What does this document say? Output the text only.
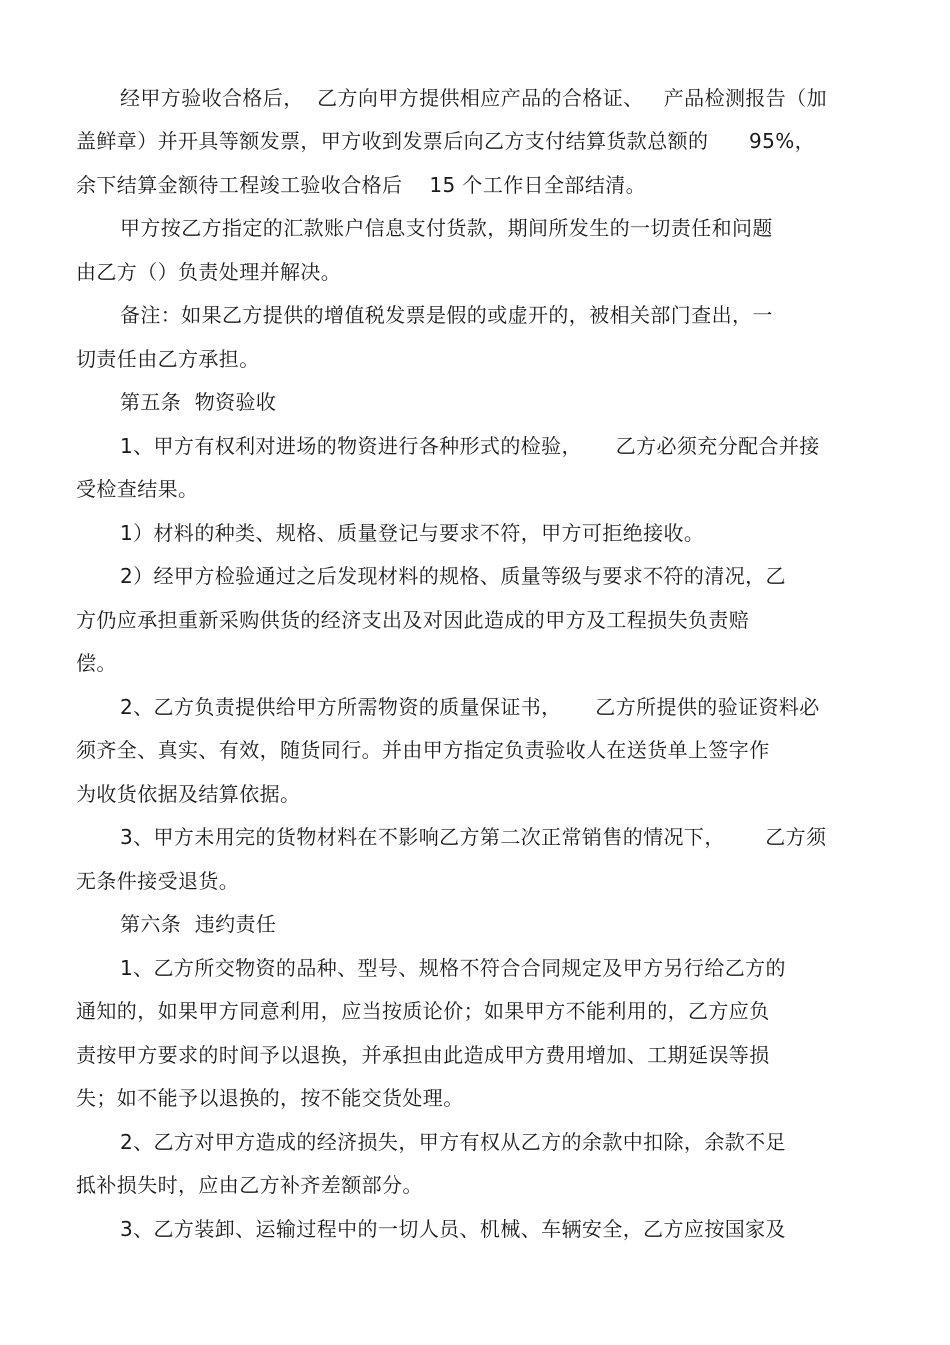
经甲方验收合格后，  乙方向甲方提供相应产品的合格证、   产品检测报告（加
盖鲜章）并开具等额发票，甲方收到发票后向乙方支付结算货款总额的      95%，
余下结算金额待工程竣工验收合格后    15 个工作日全部结清。
甲方按乙方指定的汇款账户信息支付货款，期间所发生的一切责任和问题
由乙方（）负责处理并解决。
备注：如果乙方提供的增值税发票是假的或虚开的，被相关部门查出，一
切责任由乙方承担。
第五条  物资验收
1、甲方有权利对进场的物资进行各种形式的检验，     乙方必须充分配合并接
受检查结果。
1）材料的种类、规格、质量登记与要求不符，甲方可拒绝接收。
2）经甲方检验通过之后发现材料的规格、质量等级与要求不符的清况，乙
方仍应承担重新采购供货的经济支出及对因此造成的甲方及工程损失负责赔
偿。
2、乙方负责提供给甲方所需物资的质量保证书，     乙方所提供的验证资料必
须齐全、真实、有效，随货同行。并由甲方指定负责验收人在送货单上签字作
为收货依据及结算依据。
3、甲方未用完的货物材料在不影响乙方第二次正常销售的情况下，      乙方须
无条件接受退货。
第六条  违约责任
1、乙方所交物资的品种、型号、规格不符合合同规定及甲方另行给乙方的
通知的，如果甲方同意利用，应当按质论价；如果甲方不能利用的，乙方应负
责按甲方要求的时间予以退换，并承担由此造成甲方费用增加、工期延误等损
失；如不能予以退换的，按不能交货处理。
2、乙方对甲方造成的经济损失，甲方有权从乙方的余款中扣除，余款不足
抵补损失时，应由乙方补齐差额部分。
3、乙方装卸、运输过程中的一切人员、机械、车辆安全，乙方应按国家及
